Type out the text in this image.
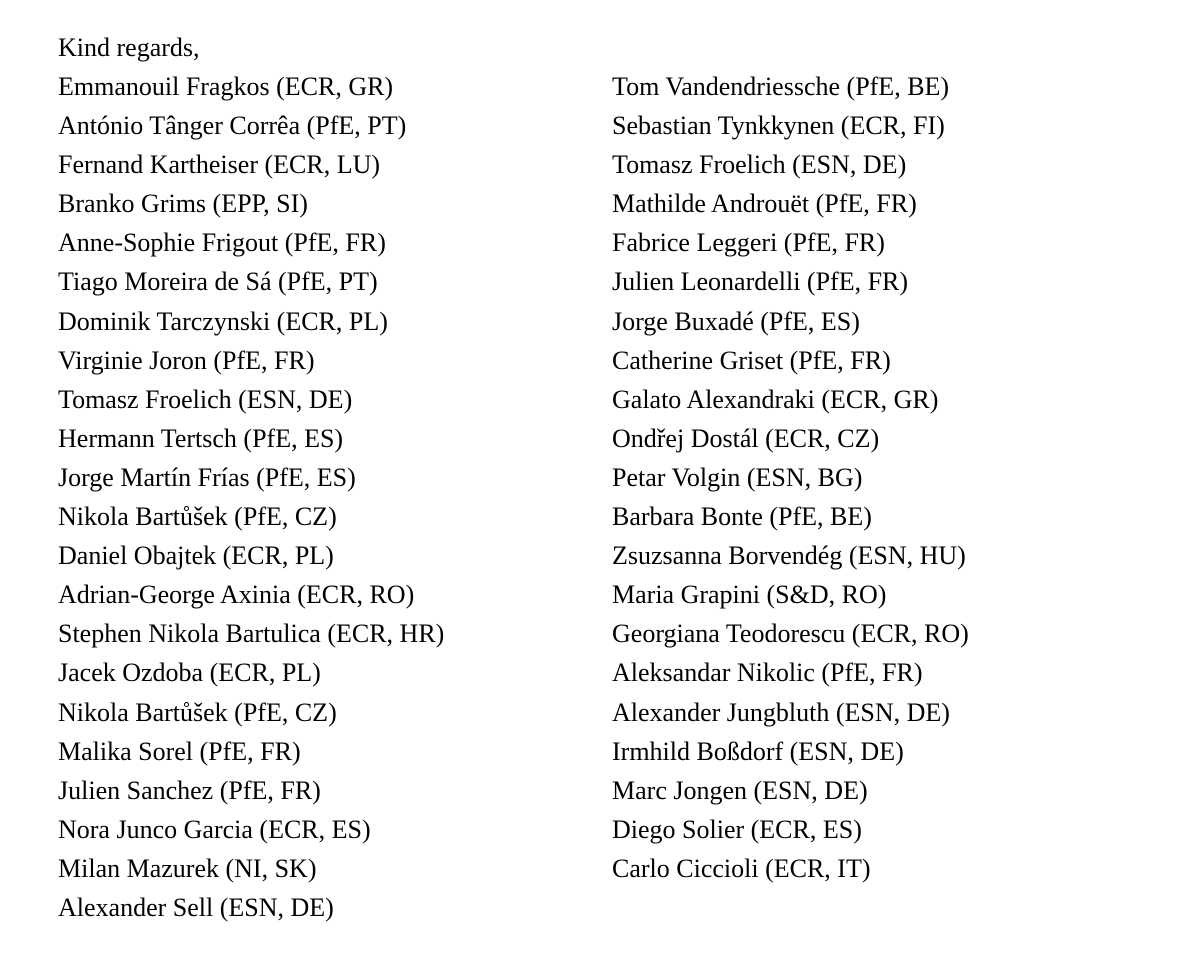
Kind regards,
Emmanouil Fragkos (ECR, GR)
António Tânger Corrêa (PfE, PT)
Fernand Kartheiser (ECR, LU)
Branko Grims (EPP, SI)
Anne-Sophie Frigout (PfE, FR)
Tiago Moreira de Sá (PfE, PT)
Dominik Tarczynski (ECR, PL)
Virginie Joron (PfE, FR)
Tomasz Froelich (ESN, DE)
Hermann Tertsch (PfE, ES)
Jorge Martín Frías (PfE, ES)
Nikola Bartůšek (PfE, CZ)
Daniel Obajtek (ECR, PL)
Adrian-George Axinia (ECR, RO)
Stephen Nikola Bartulica (ECR, HR)
Jacek Ozdoba (ECR, PL)
Nikola Bartůšek (PfE, CZ)
Malika Sorel (PfE, FR)
Julien Sanchez (PfE, FR)
Nora Junco Garcia (ECR, ES)
Milan Mazurek (NI, SK)
Alexander Sell (ESN, DE)
Tom Vandendriessche (PfE, BE)
Sebastian Tynkkynen (ECR, FI)
Tomasz Froelich (ESN, DE)
Mathilde Androuët (PfE, FR)
Fabrice Leggeri (PfE, FR)
Julien Leonardelli (PfE, FR)
Jorge Buxadé (PfE, ES)
Catherine Griset (PfE, FR)
Galato Alexandraki (ECR, GR)
Ondřej Dostál (ECR, CZ)
Petar Volgin (ESN, BG)
Barbara Bonte (PfE, BE)
Zsuzsanna Borvendég (ESN, HU)
Maria Grapini (S&D, RO)
Georgiana Teodorescu (ECR, RO)
Aleksandar Nikolic (PfE, FR)
Alexander Jungbluth (ESN, DE)
Irmhild Boßdorf (ESN, DE)
Marc Jongen (ESN, DE)
Diego Solier (ECR, ES)
Carlo Ciccioli (ECR, IT)
